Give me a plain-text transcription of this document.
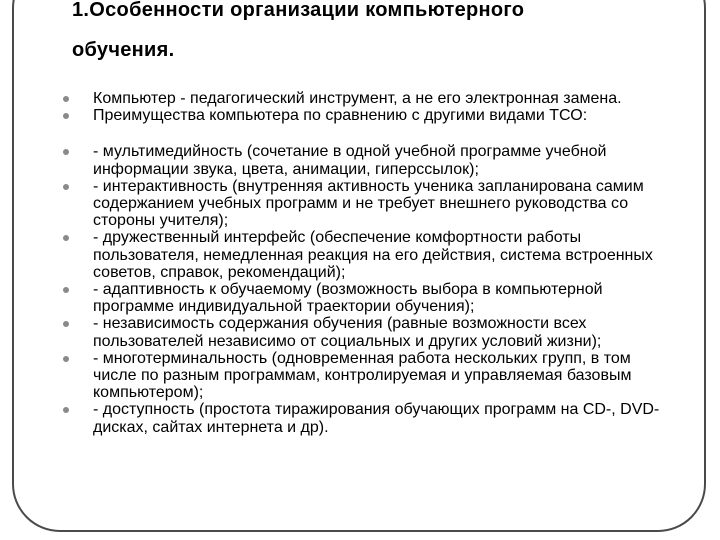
1.Особенности организации компьютерного
обучения.
Компьютер - педагогический инструмент, а не его электронная замена.
Преимущества компьютера по сравнению с другими видами ТСО:
- мультимедийность (сочетание в одной учебной программе учебной информации звука, цвета, анимации, гиперссылок);
- интерактивность (внутренняя активность ученика запланирована самим содержанием учебных программ и не требует внешнего руководства со стороны учителя);
- дружественный интерфейс (обеспечение комфортности работы пользователя, немедленная реакция на его действия, система встроенных советов, справок, рекомендаций);
- адаптивность к обучаемому (возможность выбора в компьютерной программе индивидуальной траектории обучения);
- независимость содержания обучения (равные возможности всех пользователей независимо от социальных и других условий жизни);
- многотерминальность (одновременная работа нескольких групп, в том числе по разным программам, контролируемая и управляемая базовым компьютером);
- доступность (простота тиражирования обучающих программ на CD-, DVD-дисках, сайтах интернета и др).
